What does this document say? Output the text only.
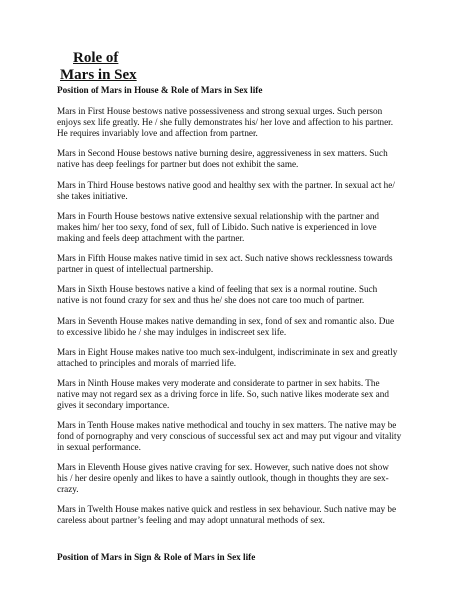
Role of
Mars in Sex
Position of Mars in House & Role of Mars in Sex life
Mars in First House bestows native possessiveness and strong sexual urges. Such person
enjoys sex life greatly. He / she fully demonstrates his/ her love and affection to his partner.
He requires invariably love and affection from partner.
Mars in Second House bestows native burning desire, aggressiveness in sex matters. Such
native has deep feelings for partner but does not exhibit the same.
Mars in Third House bestows native good and healthy sex with the partner. In sexual act he/
she takes initiative.
Mars in Fourth House bestows native extensive sexual relationship with the partner and
makes him/ her too sexy, fond of sex, full of Libido. Such native is experienced in love
making and feels deep attachment with the partner.
Mars in Fifth House makes native timid in sex act. Such native shows recklessness towards
partner in quest of intellectual partnership.
Mars in Sixth House bestows native a kind of feeling that sex is a normal routine. Such
native is not found crazy for sex and thus he/ she does not care too much of partner.
Mars in Seventh House makes native demanding in sex, fond of sex and romantic also. Due
to excessive libido he / she may indulges in indiscreet sex life.
Mars in Eight House makes native too much sex-indulgent, indiscriminate in sex and greatly
attached to principles and morals of married life.
Mars in Ninth House makes very moderate and considerate to partner in sex habits. The
native may not regard sex as a driving force in life. So, such native likes moderate sex and
gives it secondary importance.
Mars in Tenth House makes native methodical and touchy in sex matters. The native may be
fond of pornography and very conscious of successful sex act and may put vigour and vitality
in sexual performance.
Mars in Eleventh House gives native craving for sex. However, such native does not show
his / her desire openly and likes to have a saintly outlook, though in thoughts they are sex-
crazy.
Mars in Twelth House makes native quick and restless in sex behaviour. Such native may be
careless about partner’s feeling and may adopt unnatural methods of sex.
Position of Mars in Sign & Role of Mars in Sex life
